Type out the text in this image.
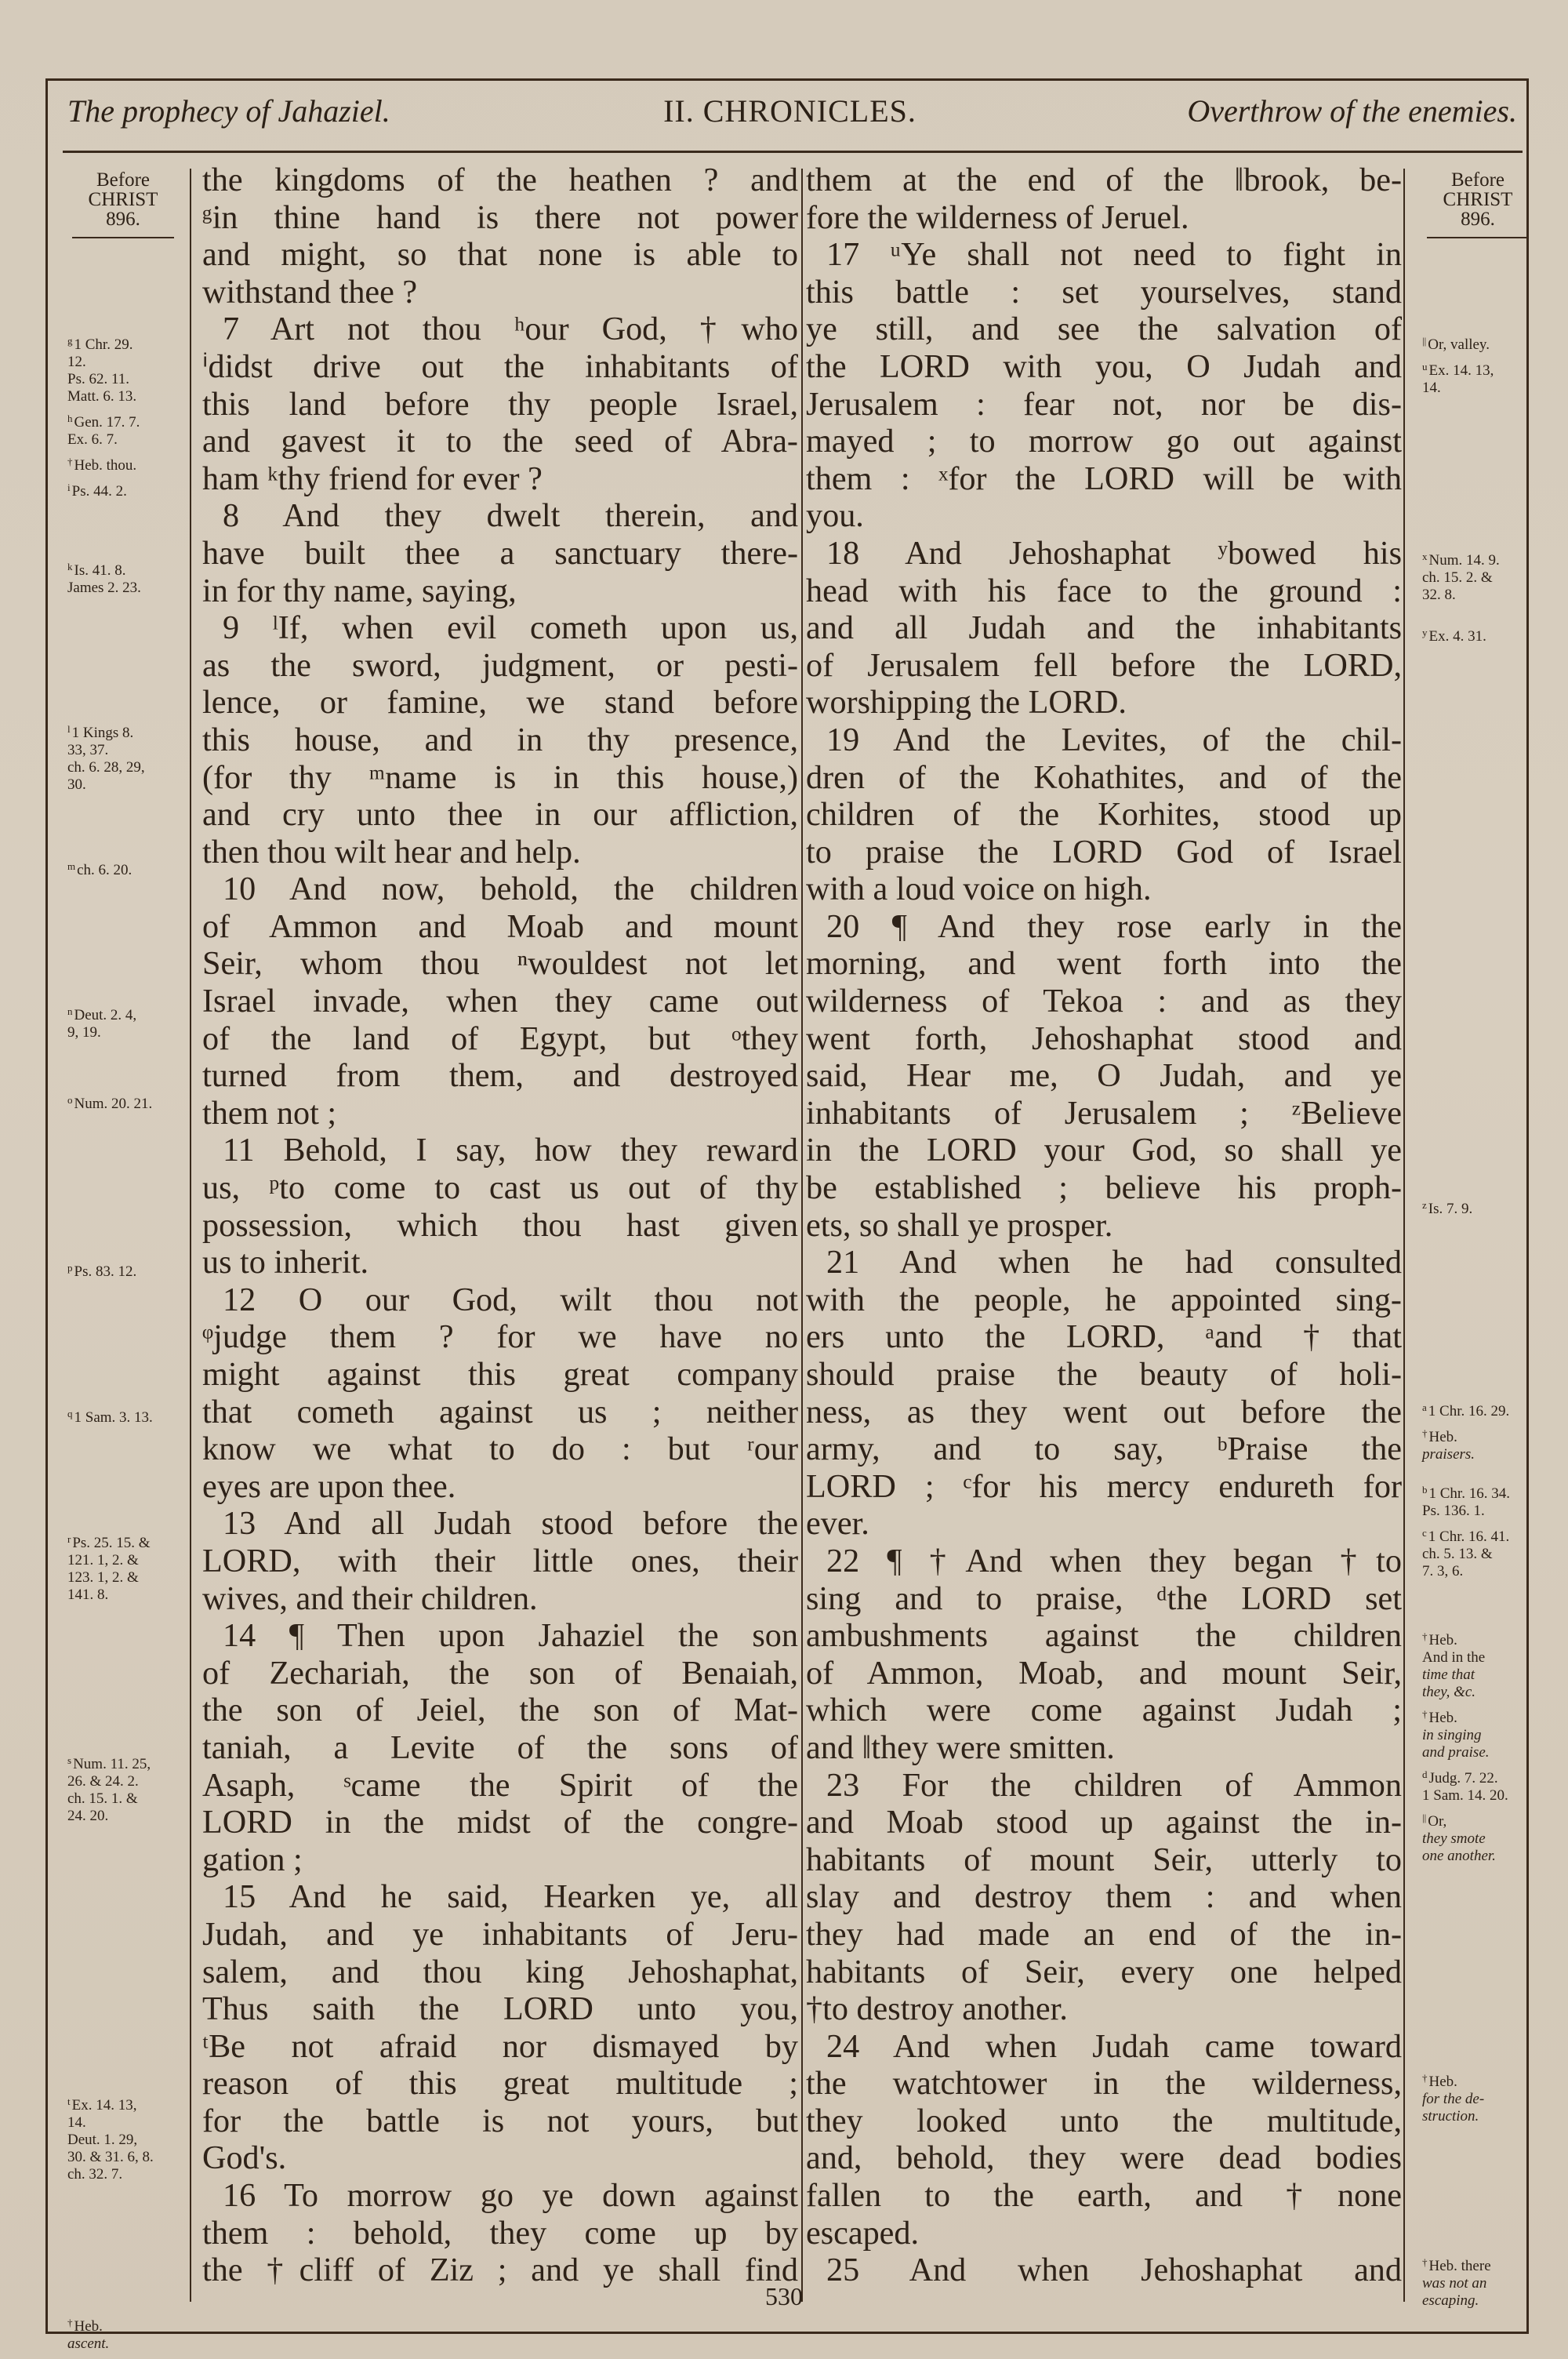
The prophecy of Jahaziel.	II. CHRONICLES.	Overthrow of the enemies.
Before
CHRIST
896.
$^g$ 1 Chr. 29.
12.
Ps. 62. 11.
Matt. 6. 13.
$^h$ Gen. 17. 7.
Ex. 6. 7.
† Heb. thou.
$^i$ Ps. 44. 2.
$^k$ Is. 41. 8.
James 2. 23.
$^l$ 1 Kings 8.
33, 37.
ch. 6. 28, 29,
30.
$^m$ ch. 6. 20.
$^n$ Deut. 2. 4,
9, 19.
$^o$ Num. 20. 21.
$^p$ Ps. 83. 12.
$^q$ 1 Sam. 3. 13.
$^r$ Ps. 25. 15. &
121. 1, 2. &
123. 1, 2. &
141. 8.
$^s$ Num. 11. 25,
26. & 24. 2.
ch. 15. 1. &
24. 20.
$^t$ Ex. 14. 13,
14.
Deut. 1. 29,
30. & 31. 6, 8.
ch. 32. 7.
† Heb.
ascent.
the kingdoms of the heathen ? and
ᵍin thine hand is there not power
and might, so that none is able to
withstand thee ?
7 Art not thou ʰour God, †who
ⁱdidst drive out the inhabitants of
this land before thy people Israel,
and gavest it to the seed of Abra-
ham ᵏthy friend for ever ?
8 And they dwelt therein, and
have built thee a sanctuary there-
in for thy name, saying,
9 ˡIf, when evil cometh upon us,
as the sword, judgment, or pesti-
lence, or famine, we stand before
this house, and in thy presence,
(for thy ᵐname is in this house,)
and cry unto thee in our affliction,
then thou wilt hear and help.
10 And now, behold, the children
of Ammon and Moab and mount
Seir, whom thou ⁿwouldest not let
Israel invade, when they came out
of the land of Egypt, but ᵒthey
turned from them, and destroyed
them not ;
11 Behold, I say, how they reward
us, ᵖto come to cast us out of thy
possession, which thou hast given
us to inherit.
12 O our God, wilt thou not
ᵠjudge them ? for we have no
might against this great company
that cometh against us ; neither
know we what to do : but ʳour
eyes are upon thee.
13 And all Judah stood before the
LORD, with their little ones, their
wives, and their children.
14 ¶ Then upon Jahaziel the son
of Zechariah, the son of Benaiah,
the son of Jeiel, the son of Mat-
taniah, a Levite of the sons of
Asaph, ˢcame the Spirit of the
LORD in the midst of the congre-
gation ;
15 And he said, Hearken ye, all
Judah, and ye inhabitants of Jeru-
salem, and thou king Jehoshaphat,
Thus saith the LORD unto you,
ᵗBe not afraid nor dismayed by
reason of this great multitude ;
for the battle is not yours, but
God's.
16 To morrow go ye down against
them : behold, they come up by
the †cliff of Ziz ; and ye shall find
them at the end of the ‖brook, be-
fore the wilderness of Jeruel.
17 ᵘYe shall not need to fight in
this battle : set yourselves, stand
ye still, and see the salvation of
the LORD with you, O Judah and
Jerusalem : fear not, nor be dis-
mayed ; to morrow go out against
them : ˣfor the LORD will be with
you.
18 And Jehoshaphat ʸbowed his
head with his face to the ground :
and all Judah and the inhabitants
of Jerusalem fell before the LORD,
worshipping the LORD.
19 And the Levites, of the chil-
dren of the Kohathites, and of the
children of the Korhites, stood up
to praise the LORD God of Israel
with a loud voice on high.
20 ¶ And they rose early in the
morning, and went forth into the
wilderness of Tekoa : and as they
went forth, Jehoshaphat stood and
said, Hear me, O Judah, and ye
inhabitants of Jerusalem ; ᶻBelieve
in the LORD your God, so shall ye
be established ; believe his proph-
ets, so shall ye prosper.
21 And when he had consulted
with the people, he appointed sing-
ers unto the LORD, ᵃand †that
should praise the beauty of holi-
ness, as they went out before the
army, and to say, ᵇPraise the
LORD ; ᶜfor his mercy endureth for
ever.
22 ¶ †And when they began †to
sing and to praise, ᵈthe LORD set
ambushments against the children
of Ammon, Moab, and mount Seir,
which were come against Judah ;
and ‖they were smitten.
23 For the children of Ammon
and Moab stood up against the in-
habitants of mount Seir, utterly to
slay and destroy them : and when
they had made an end of the in-
habitants of Seir, every one helped
†to destroy another.
24 And when Judah came toward
the watchtower in the wilderness,
they looked unto the multitude,
and, behold, they were dead bodies
fallen to the earth, and †none
escaped.
25 And when Jehoshaphat and
Before
CHRIST
896.
|| Or, valley.
$^u$ Ex. 14. 13,
14.
$^x$ Num. 14. 9.
ch. 15. 2. &
32. 8.
$^y$ Ex. 4. 31.
$^z$ Is. 7. 9.
$^a$ 1 Chr. 16. 29.
† Heb.
praisers.
$^b$ 1 Chr. 16. 34.
Ps. 136. 1.
$^c$ 1 Chr. 16. 41.
ch. 5. 13. &
7. 3, 6.
† Heb.
And in the
time that
they, &c.
† Heb.
in singing
and praise.
$^d$ Judg. 7. 22.
1 Sam. 14. 20.
|| Or,
they smote
one another.
† Heb.
for the de-
struction.
† Heb. there
was not an
escaping.
530
